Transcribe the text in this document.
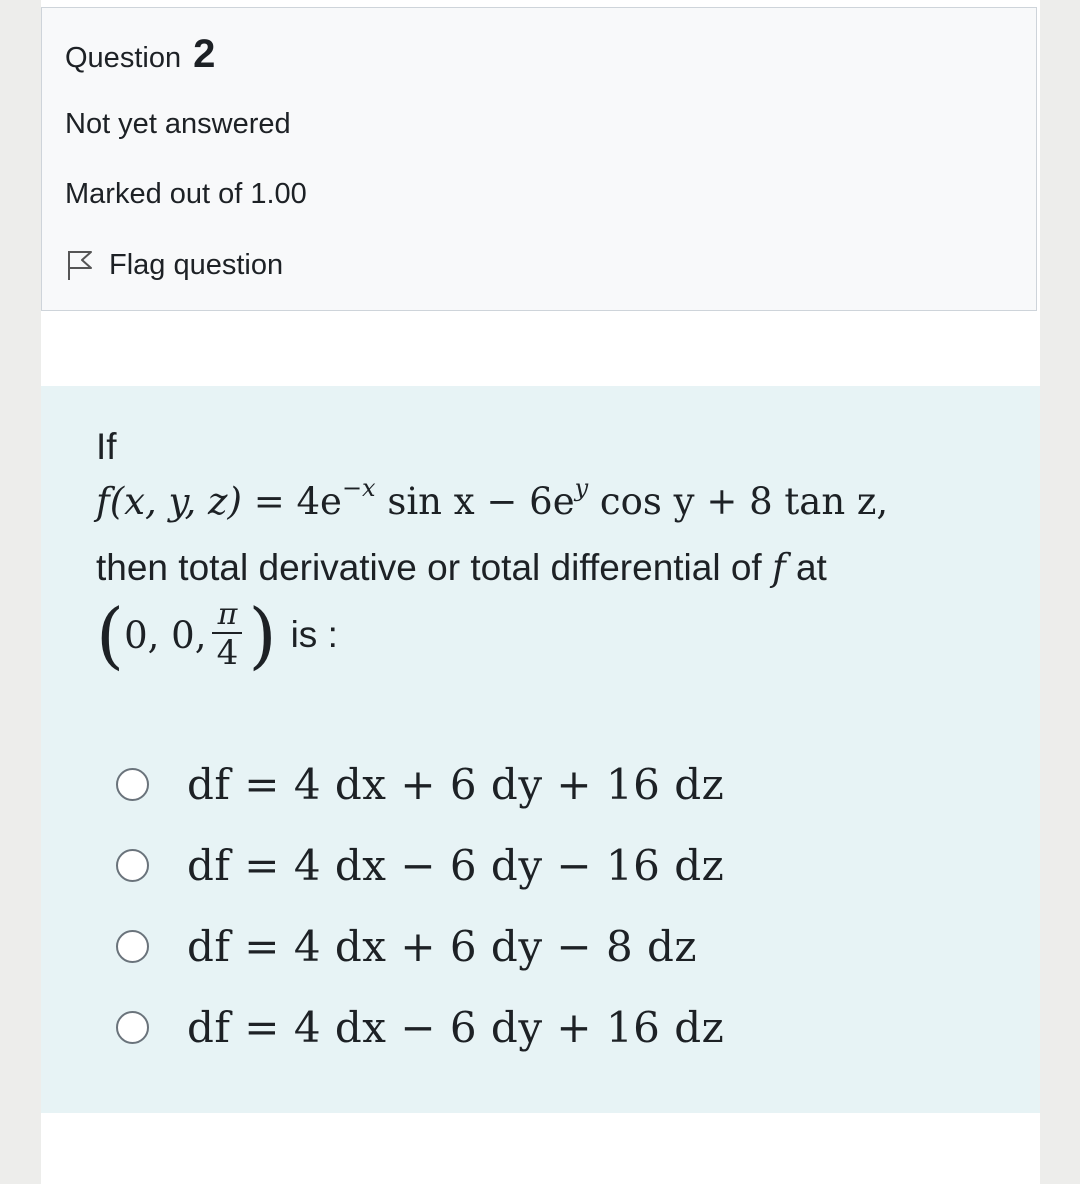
Question 2
Not yet answered
Marked out of 1.00
Flag question
If
f(x, y, $z) = 4e^{-x}$ $\sin x - 6e^y$ cos y + 8 tan z,
then total derivative or total differential of f at
( 0, 0, $\frac{\pi}{4}$ ) is :
df = 4 dx + 6 dy + 16 dz
df = 4 dx − 6 dy − 16 dz
df = 4 dx + 6 dy − 8 dz
df = 4 dx − 6 dy + 16 dz
